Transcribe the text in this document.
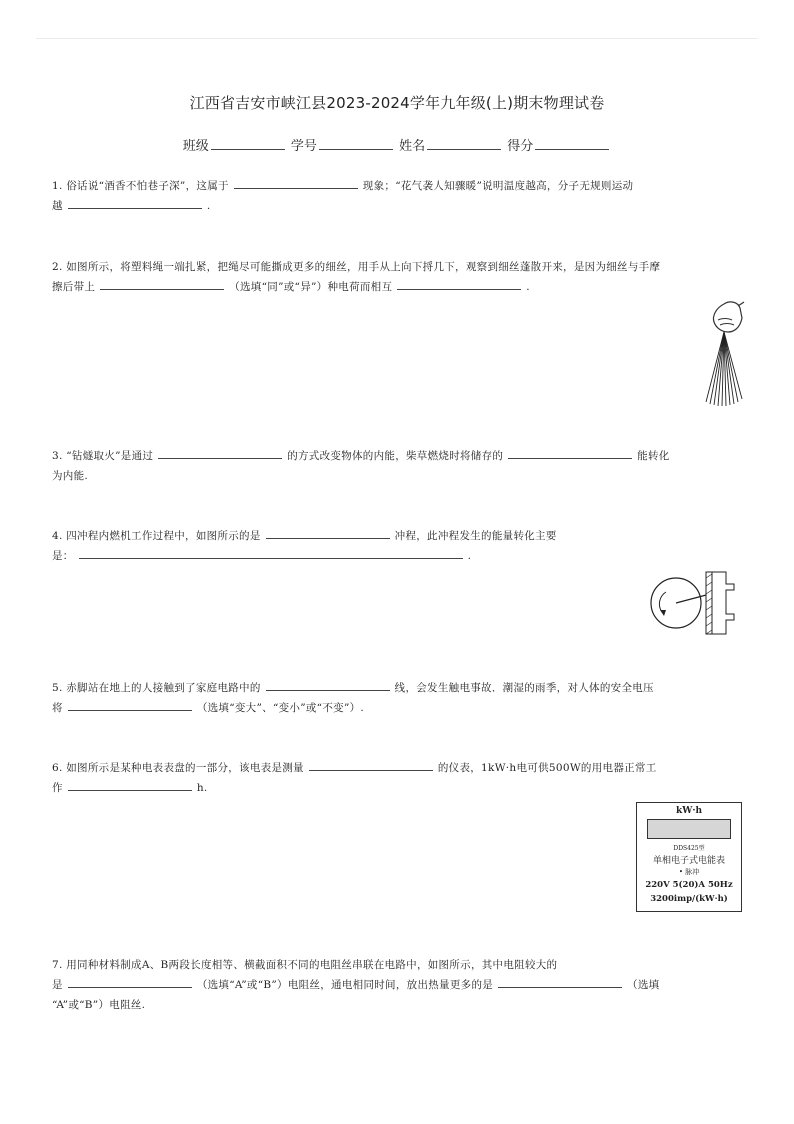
江西省吉安市峡江县2023-2024学年九年级(上)期末物理试卷
班级	学号	姓名	得分
1. 俗话说“酒香不怕巷子深”，这属于	现象；“花气袭人知骤暖”说明温度越高，分子无规则运动
越	.
2. 如图所示，将塑料绳一端扎紧，把绳尽可能撕成更多的细丝，用手从上向下捋几下，观察到细丝蓬散开来，是因为细丝与手摩
擦后带上	（选填“同”或“异”）种电荷而相互	.
3. “钻燧取火”是通过	的方式改变物体的内能，柴草燃烧时将储存的	能转化
为内能.
4. 四冲程内燃机工作过程中，如图所示的是	冲程，此冲程发生的能量转化主要
是：	.
5. 赤脚站在地上的人接触到了家庭电路中的	线，会发生触电事故．潮湿的雨季，对人体的安全电压
将	（选填“变大”、“变小”或“不变”）.
6. 如图所示是某种电表表盘的一部分，该电表是测量	的仪表，1kW·h电可供500W的用电器正常工
作	h.
kW·h
DDS425型
单相电子式电能表
• 脉冲
220V 5(20)A 50Hz
3200imp/(kW·h)
7. 用同种材料制成A、B两段长度相等、横截面积不同的电阻丝串联在电路中，如图所示，其中电阻较大的
是	（选填“A”或“B”）电阻丝，通电相同时间，放出热量更多的是	（选填
“A”或“B”）电阻丝.
